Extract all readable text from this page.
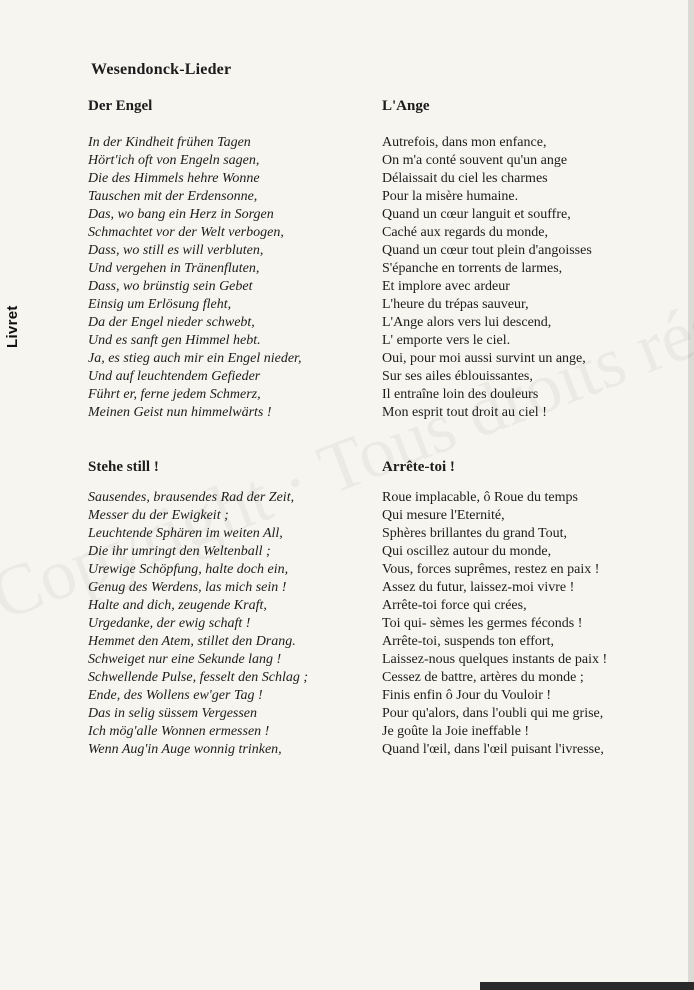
Livret
Wesendonck-Lieder
Der Engel	L'Ange
In der Kindheit frühen Tagen
Hört'ich oft von Engeln sagen,
Die des Himmels hehre Wonne
Tauschen mit der Erdensonne,
Das, wo bang ein Herz in Sorgen
Schmachtet vor der Welt verbogen,
Dass, wo still es will verbluten,
Und vergehen in Tränenfluten,
Dass, wo brünstig sein Gebet
Einsig um Erlösung fleht,
Da der Engel nieder schwebt,
Und es sanft gen Himmel hebt.
Ja, es stieg auch mir ein Engel nieder,
Und auf leuchtendem Gefieder
Führt er, ferne jedem Schmerz,
Meinen Geist nun himmelwärts !
Autrefois, dans mon enfance,
On m'a conté souvent qu'un ange
Délaissait du ciel les charmes
Pour la misère humaine.
Quand un cœur languit et souffre,
Caché aux regards du monde,
Quand un cœur tout plein d'angoisses
S'épanche en torrents de larmes,
Et implore avec ardeur
L'heure du trépas sauveur,
L'Ange alors vers lui descend,
L' emporte vers le ciel.
Oui, pour moi aussi survint un ange,
Sur ses ailes éblouissantes,
Il entraîne loin des douleurs
Mon esprit tout droit au ciel !
Stehe still !	Arrête-toi !
Sausendes, brausendes Rad der Zeit,
Messer du der Ewigkeit ;
Leuchtende Sphären im weiten All,
Die ihr umringt den Weltenball ;
Urewige Schöpfung, halte doch ein,
Genug des Werdens, las mich sein !
Halte and dich, zeugende Kraft,
Urgedanke, der ewig schaft !
Hemmet den Atem, stillet den Drang.
Schweiget nur eine Sekunde lang !
Schwellende Pulse, fesselt den Schlag ;
Ende, des Wollens ew'ger Tag !
Das in selig süssem Vergessen
Ich mög'alle Wonnen ermessen !
Wenn Aug'in Auge wonnig trinken,
Roue implacable, ô Roue du temps
Qui mesure l'Eternité,
Sphères brillantes du grand Tout,
Qui oscillez autour du monde,
Vous, forces suprêmes, restez en paix !
Assez du futur, laissez-moi vivre !
Arrête-toi force qui crées,
Toi qui- sèmes les germes féconds !
Arrête-toi, suspends ton effort,
Laissez-nous quelques instants de paix !
Cessez de battre, artères du monde ;
Finis enfin ô Jour du Vouloir !
Pour qu'alors, dans l'oubli qui me grise,
Je goûte la Joie ineffable !
Quand l'œil, dans l'œil puisant l'ivresse,
